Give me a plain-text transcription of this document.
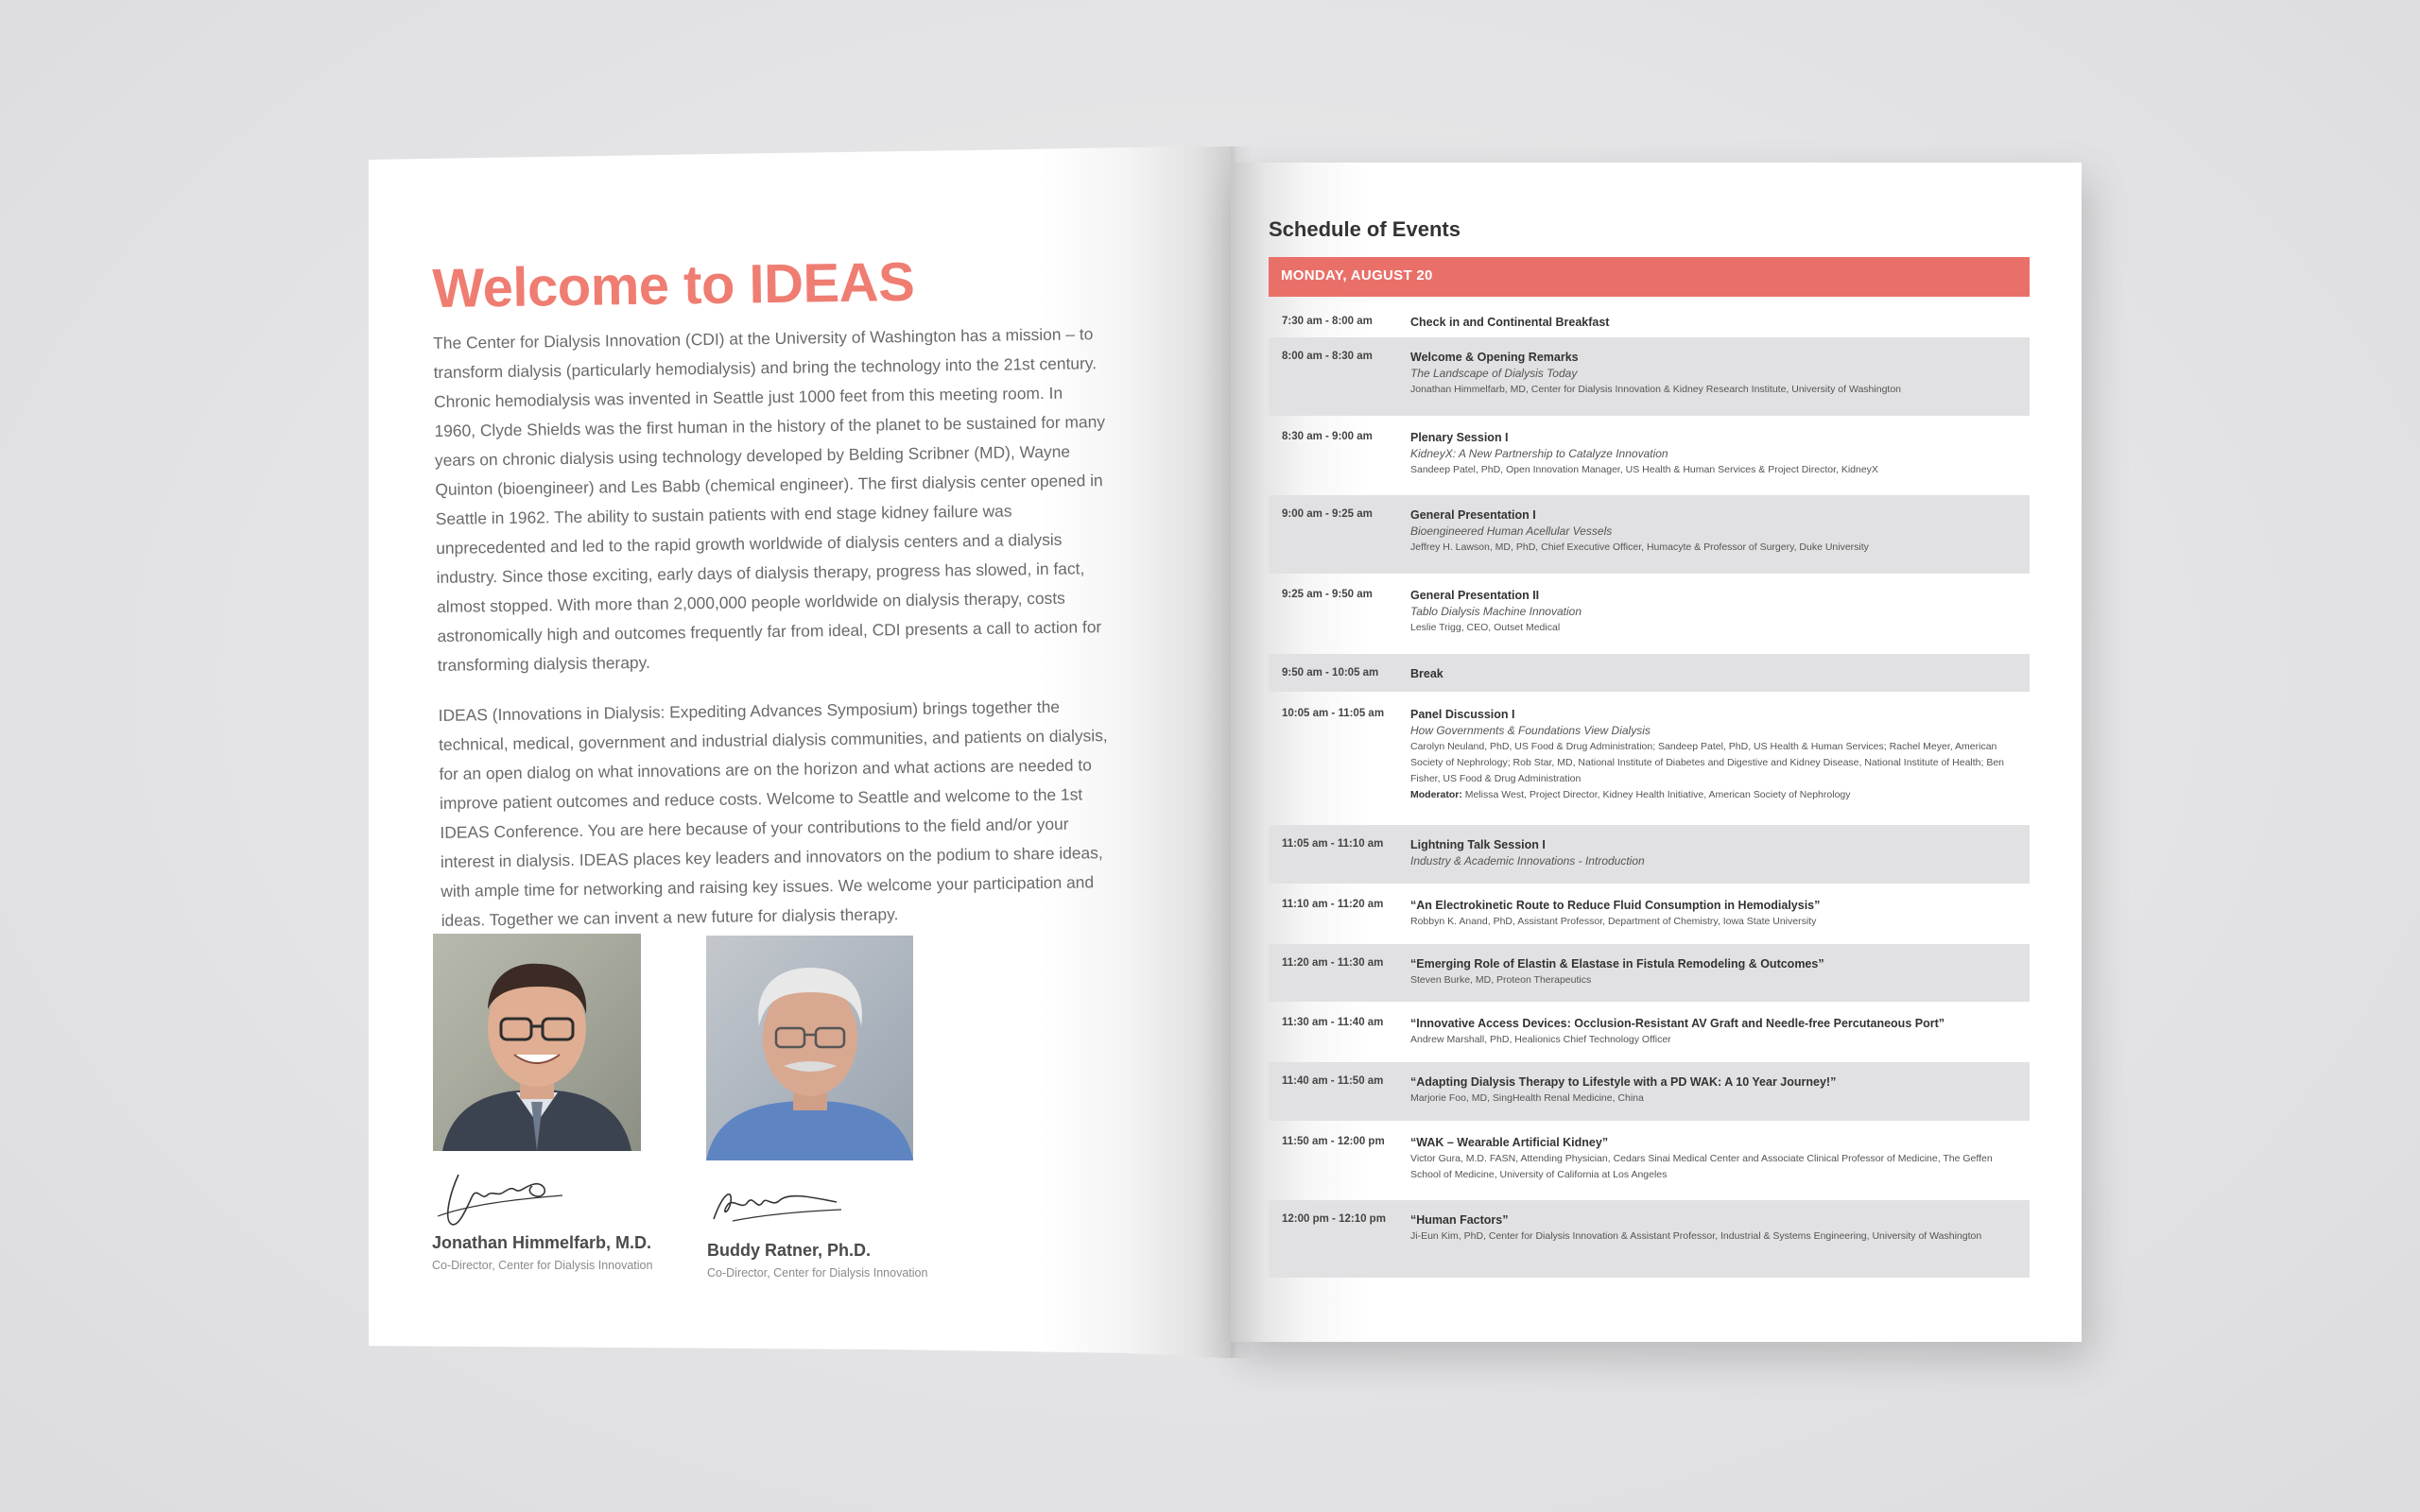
Welcome to IDEAS

The Center for Dialysis Innovation (CDI) at the University of Washington has a mission – to transform dialysis (particularly hemodialysis) and bring the technology into the 21st century. Chronic hemodialysis was invented in Seattle just 1000 feet from this meeting room. In 1960, Clyde Shields was the first human in the history of the planet to be sustained for many years on chronic dialysis using technology developed by Belding Scribner (MD), Wayne Quinton (bioengineer) and Les Babb (chemical engineer). The first dialysis center opened in Seattle in 1962. The ability to sustain patients with end stage kidney failure was unprecedented and led to the rapid growth worldwide of dialysis centers and a dialysis industry. Since those exciting, early days of dialysis therapy, progress has slowed, in fact, almost stopped. With more than 2,000,000 people worldwide on dialysis therapy, costs astronomically high and outcomes frequently far from ideal, CDI presents a call to action for transforming dialysis therapy.

IDEAS (Innovations in Dialysis: Expediting Advances Symposium) brings together the technical, medical, government and industrial dialysis communities, and patients on dialysis, for an open dialog on what innovations are on the horizon and what actions are needed to improve patient outcomes and reduce costs. Welcome to Seattle and welcome to the 1st IDEAS Conference. You are here because of your contributions to the field and/or your interest in dialysis. IDEAS places key leaders and innovators on the podium to share ideas, with ample time for networking and raising key issues. We welcome your participation and ideas. Together we can invent a new future for dialysis therapy.

Jonathan Himmelfarb, M.D.
Co-Director, Center for Dialysis Innovation
Buddy Ratner, Ph.D.
Co-Director, Center for Dialysis Innovation
Schedule of Events
MONDAY, AUGUST 20
7:30 am - 8:00 am	Check in and Continental Breakfast
8:00 am - 8:30 am	Welcome & Opening Remarks
The Landscape of Dialysis Today
Jonathan Himmelfarb, MD, Center for Dialysis Innovation & Kidney Research Institute, University of Washington
8:30 am - 9:00 am	Plenary Session I
KidneyX: A New Partnership to Catalyze Innovation
Sandeep Patel, PhD, Open Innovation Manager, US Health & Human Services & Project Director, KidneyX
9:00 am - 9:25 am	General Presentation I
Bioengineered Human Acellular Vessels
Jeffrey H. Lawson, MD, PhD, Chief Executive Officer, Humacyte & Professor of Surgery, Duke University
9:25 am - 9:50 am	General Presentation II
Tablo Dialysis Machine Innovation
Leslie Trigg, CEO, Outset Medical
9:50 am - 10:05 am	Break
10:05 am - 11:05 am Panel Discussion I
How Governments & Foundations View Dialysis
Carolyn Neuland, PhD, US Food & Drug Administration; Sandeep Patel, PhD, US Health & Human Services; Rachel Meyer, American Society of Nephrology; Rob Star, MD, National Institute of Diabetes and Digestive and Kidney Disease, National Institute of Health; Ben Fisher, US Food & Drug Administration
Moderator: Melissa West, Project Director, Kidney Health Initiative, American Society of Nephrology
11:05 am - 11:10 am Lightning Talk Session I
Industry & Academic Innovations - Introduction
11:10 am - 11:20 am “An Electrokinetic Route to Reduce Fluid Consumption in Hemodialysis”
Robbyn K. Anand, PhD, Assistant Professor, Department of Chemistry, Iowa State University
11:20 am - 11:30 am “Emerging Role of Elastin & Elastase in Fistula Remodeling & Outcomes”
Steven Burke, MD, Proteon Therapeutics
11:30 am - 11:40 am “Innovative Access Devices: Occlusion-Resistant AV Graft and Needle-free Percutaneous Port”
Andrew Marshall, PhD, Healionics Chief Technology Officer
11:40 am - 11:50 am “Adapting Dialysis Therapy to Lifestyle with a PD WAK: A 10 Year Journey!”
Marjorie Foo, MD, SingHealth Renal Medicine, China
11:50 am - 12:00 pm “WAK – Wearable Artificial Kidney”
Victor Gura, M.D. FASN, Attending Physician, Cedars Sinai Medical Center and Associate Clinical Professor of Medicine, The Geffen School of Medicine, University of California at Los Angeles
12:00 pm - 12:10 pm “Human Factors”
Ji-Eun Kim, PhD, Center for Dialysis Innovation & Assistant Professor, Industrial & Systems Engineering, University of Washington
